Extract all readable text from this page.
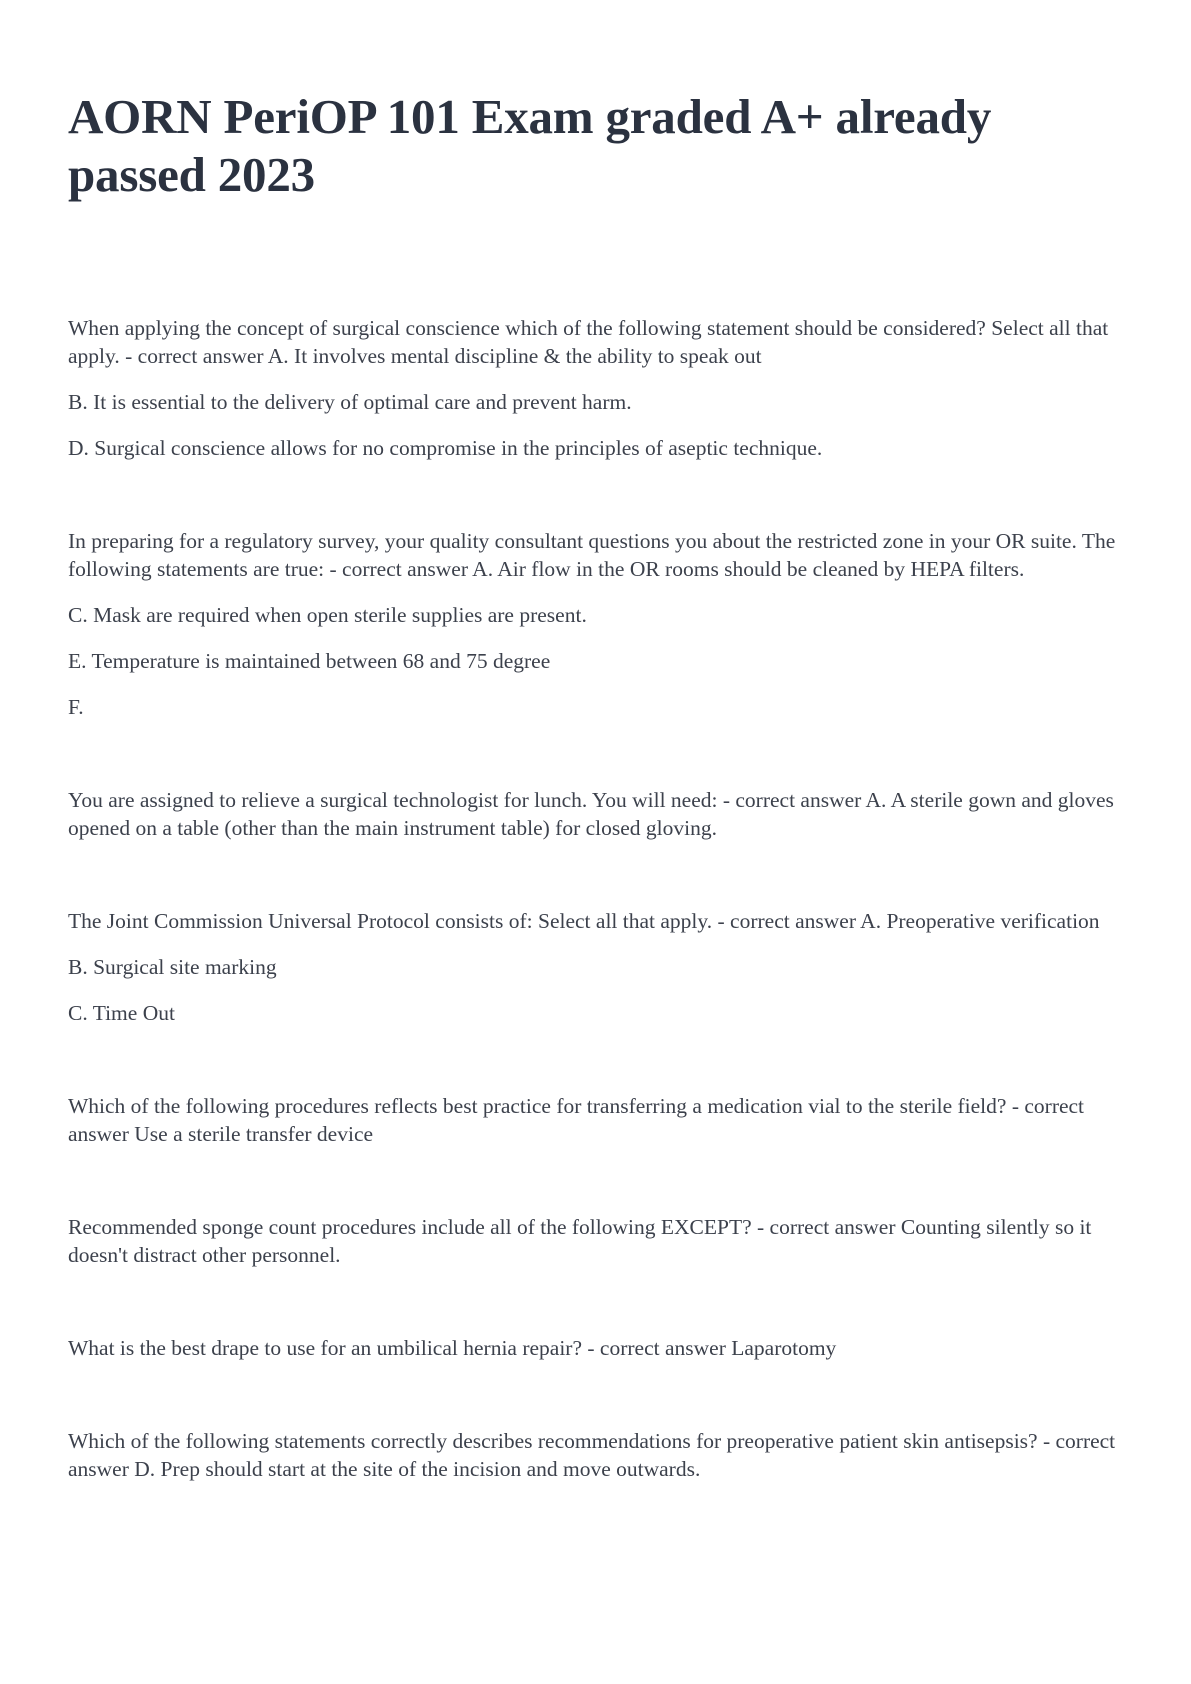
AORN PeriOP 101 Exam graded A+ already passed 2023

When applying the concept of surgical conscience which of the following statement should be considered? Select all that apply. - correct answer A. It involves mental discipline & the ability to speak out

B. It is essential to the delivery of optimal care and prevent harm.

D. Surgical conscience allows for no compromise in the principles of aseptic technique.

In preparing for a regulatory survey, your quality consultant questions you about the restricted zone in your OR suite. The following statements are true: - correct answer A. Air flow in the OR rooms should be cleaned by HEPA filters.

C. Mask are required when open sterile supplies are present.

E. Temperature is maintained between 68 and 75 degree

F.

You are assigned to relieve a surgical technologist for lunch. You will need: - correct answer A. A sterile gown and gloves opened on a table (other than the main instrument table) for closed gloving.

The Joint Commission Universal Protocol consists of: Select all that apply. - correct answer A. Preoperative verification

B. Surgical site marking

C. Time Out

Which of the following procedures reflects best practice for transferring a medication vial to the sterile field? - correct answer Use a sterile transfer device

Recommended sponge count procedures include all of the following EXCEPT? - correct answer Counting silently so it doesn't distract other personnel.

What is the best drape to use for an umbilical hernia repair? - correct answer Laparotomy

Which of the following statements correctly describes recommendations for preoperative patient skin antisepsis? - correct answer D. Prep should start at the site of the incision and move outwards.
